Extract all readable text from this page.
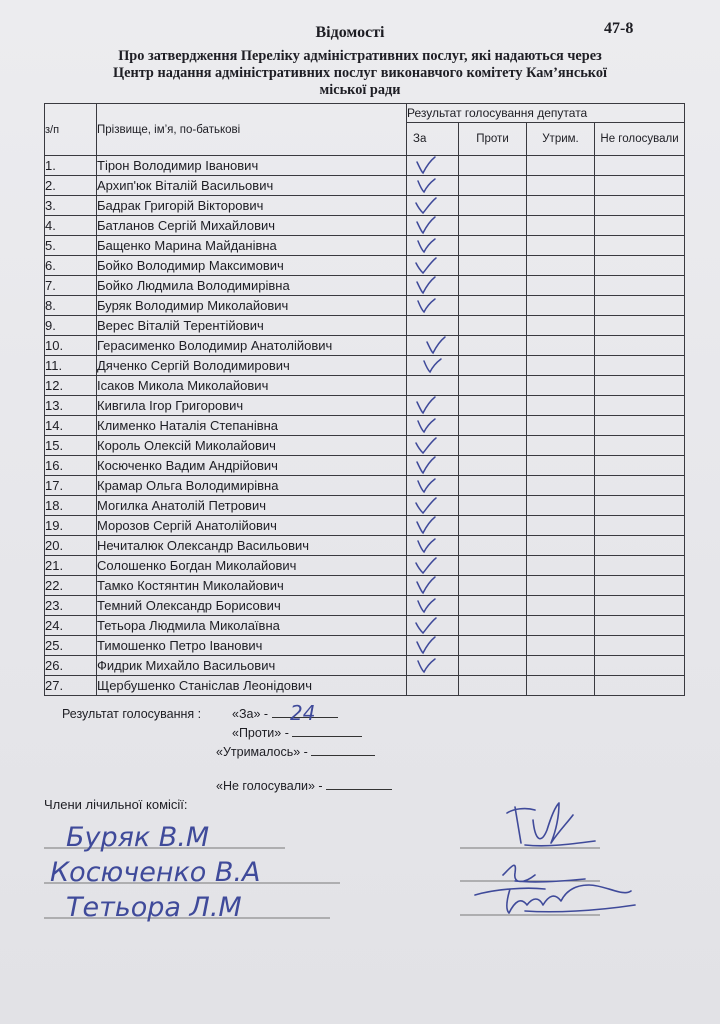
47-8
Відомості
Про затвердження Переліку адміністративних послуг, які надаються через
Центр надання адміністративних послуг виконавчого комітету Кам’янської
міської ради
з/п	Прізвище, ім’я, по-батькові	Результат голосування депутата			
		За	Проти	Утрим.	Не голосували
1.	Тірон Володимир Іванович	

2.	Архип'юк Віталій Васильович	

3.	Бадрак Григорій Вікторович	

4.	Батланов Сергій Михайлович	

5.	Бащенко Марина Майданівна	

6.	Бойко Володимир Максимович	

7.	Бойко Людмила Володимирівна	

8.	Буряк Володимир Миколайович	

9.	Верес Віталій Терентійович				
10.	Герасименко Володимир Анатолійович	

11.	Дяченко Сергій Володимирович	

12.	Ісаков Микола Миколайович				
13.	Кивгила Ігор Григорович	

14.	Клименко Наталія Степанівна	

15.	Король Олексій Миколайович	

16.	Косюченко Вадим Андрійович	

17.	Крамар Ольга Володимирівна	

18.	Могилка Анатолій Петрович	

19.	Морозов Сергій Анатолійович	

20.	Нечиталюк Олександр Васильович	

21.	Солошенко Богдан Миколайович	

22.	Тамко Костянтин Миколайович	

23.	Темний Олександр Борисович	

24.	Тетьора Людмила Миколаївна	

25.	Тимошенко Петро Іванович	

26.	Фидрик Михайло Васильович	

27.	Щербушенко Станіслав Леонідович				
Результат голосування : «За» -	24
«Проти» -
«Утрималось» -
«Не голосували» -
Члени лічильної комісії:
Буряк В.М
Косюченко В.А
Тетьора Л.М
